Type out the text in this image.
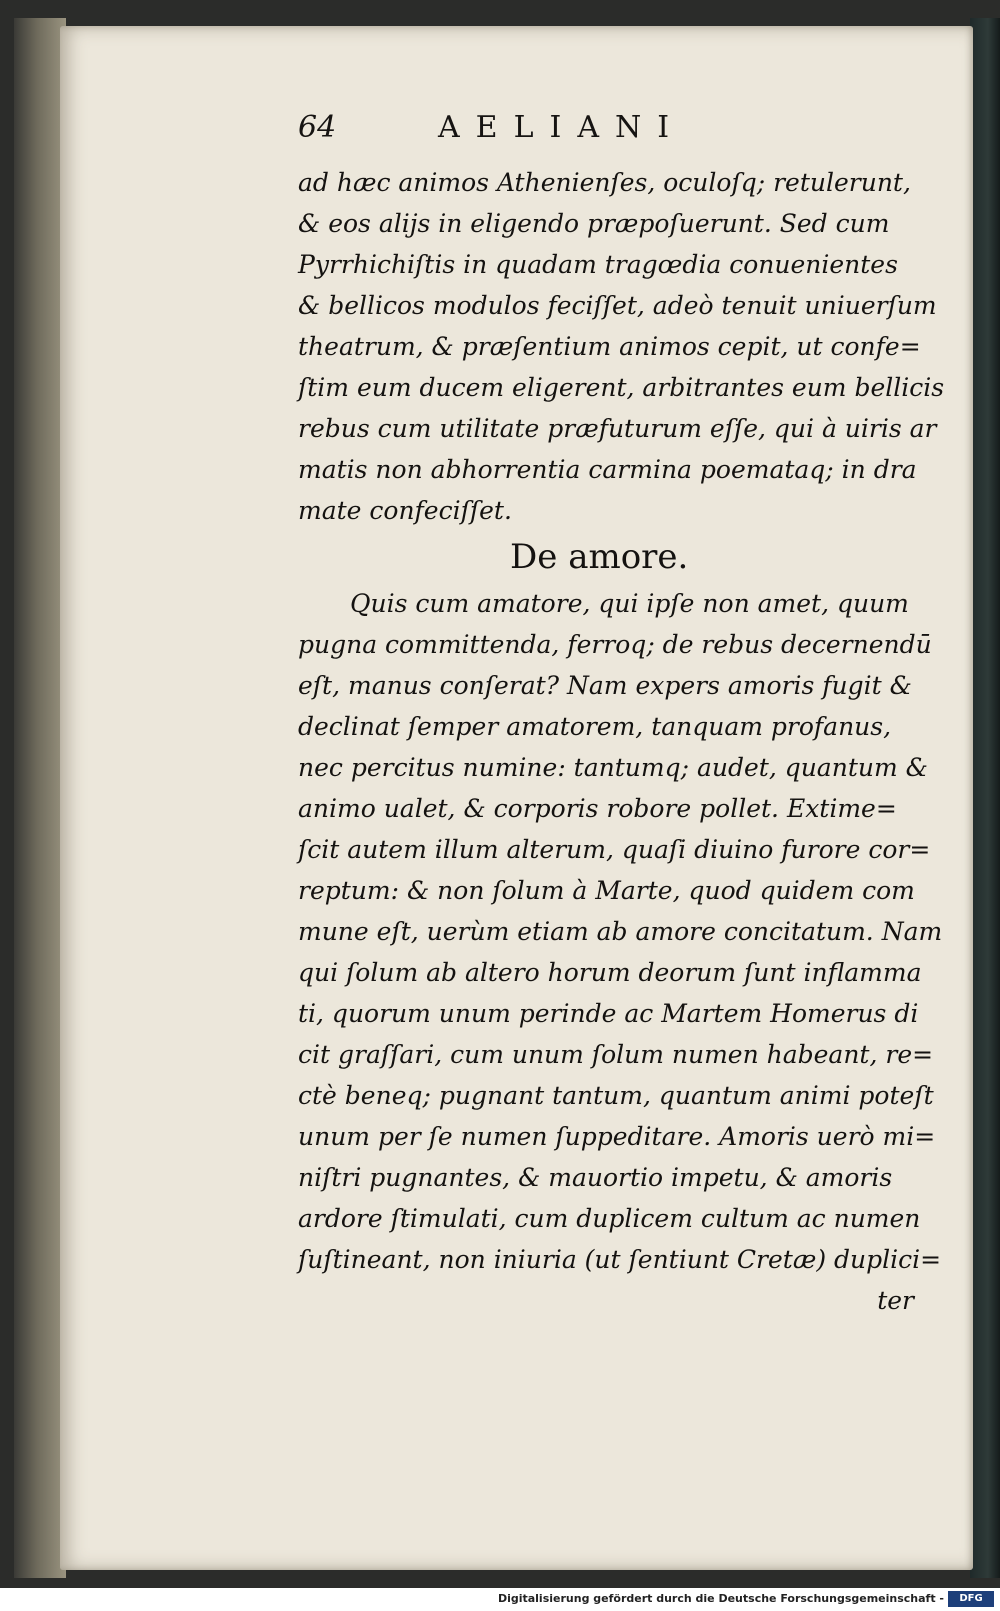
64	AELIANI
ad hæc animos Athenienſes, oculoſq; retulerunt,
& eos alijs in eligendo præpoſuerunt. Sed cum
Pyrrhichiſtis in quadam tragœdia conuenientes
& bellicos modulos feciſſet, adeò tenuit uniuerſum
theatrum, & præſentium animos cepit, ut confe=
ſtim eum ducem eligerent, arbitrantes eum bellicis
rebus cum utilitate præfuturum eſſe, qui à uiris ar
matis non abhorrentia carmina poemataq; in dra
mate confeciſſet.
De amore.
Quis cum amatore, qui ipſe non amet, quum
pugna committenda, ferroq; de rebus decernendū
eſt, manus conſerat? Nam expers amoris fugit &
declinat ſemper amatorem, tanquam profanus,
nec percitus numine: tantumq; audet, quantum &
animo ualet, & corporis robore pollet. Extime=
ſcit autem illum alterum, quaſi diuino furore cor=
reptum: & non ſolum à Marte, quod quidem com
mune eſt, uerùm etiam ab amore concitatum. Nam
qui ſolum ab altero horum deorum ſunt inflamma
ti, quorum unum perinde ac Martem Homerus di
cit graſſari, cum unum ſolum numen habeant, re=
ctè beneq; pugnant tantum, quantum animi poteſt
unum per ſe numen ſuppeditare. Amoris uerò mi=
niſtri pugnantes, & mauortio impetu, & amoris
ardore ſtimulati, cum duplicem cultum ac numen
ſuſtineant, non iniuria (ut ſentiunt Cretæ) duplici=
ter
Digitalisierung gefördert durch die Deutsche Forschungsgemeinschaft -	DFG
